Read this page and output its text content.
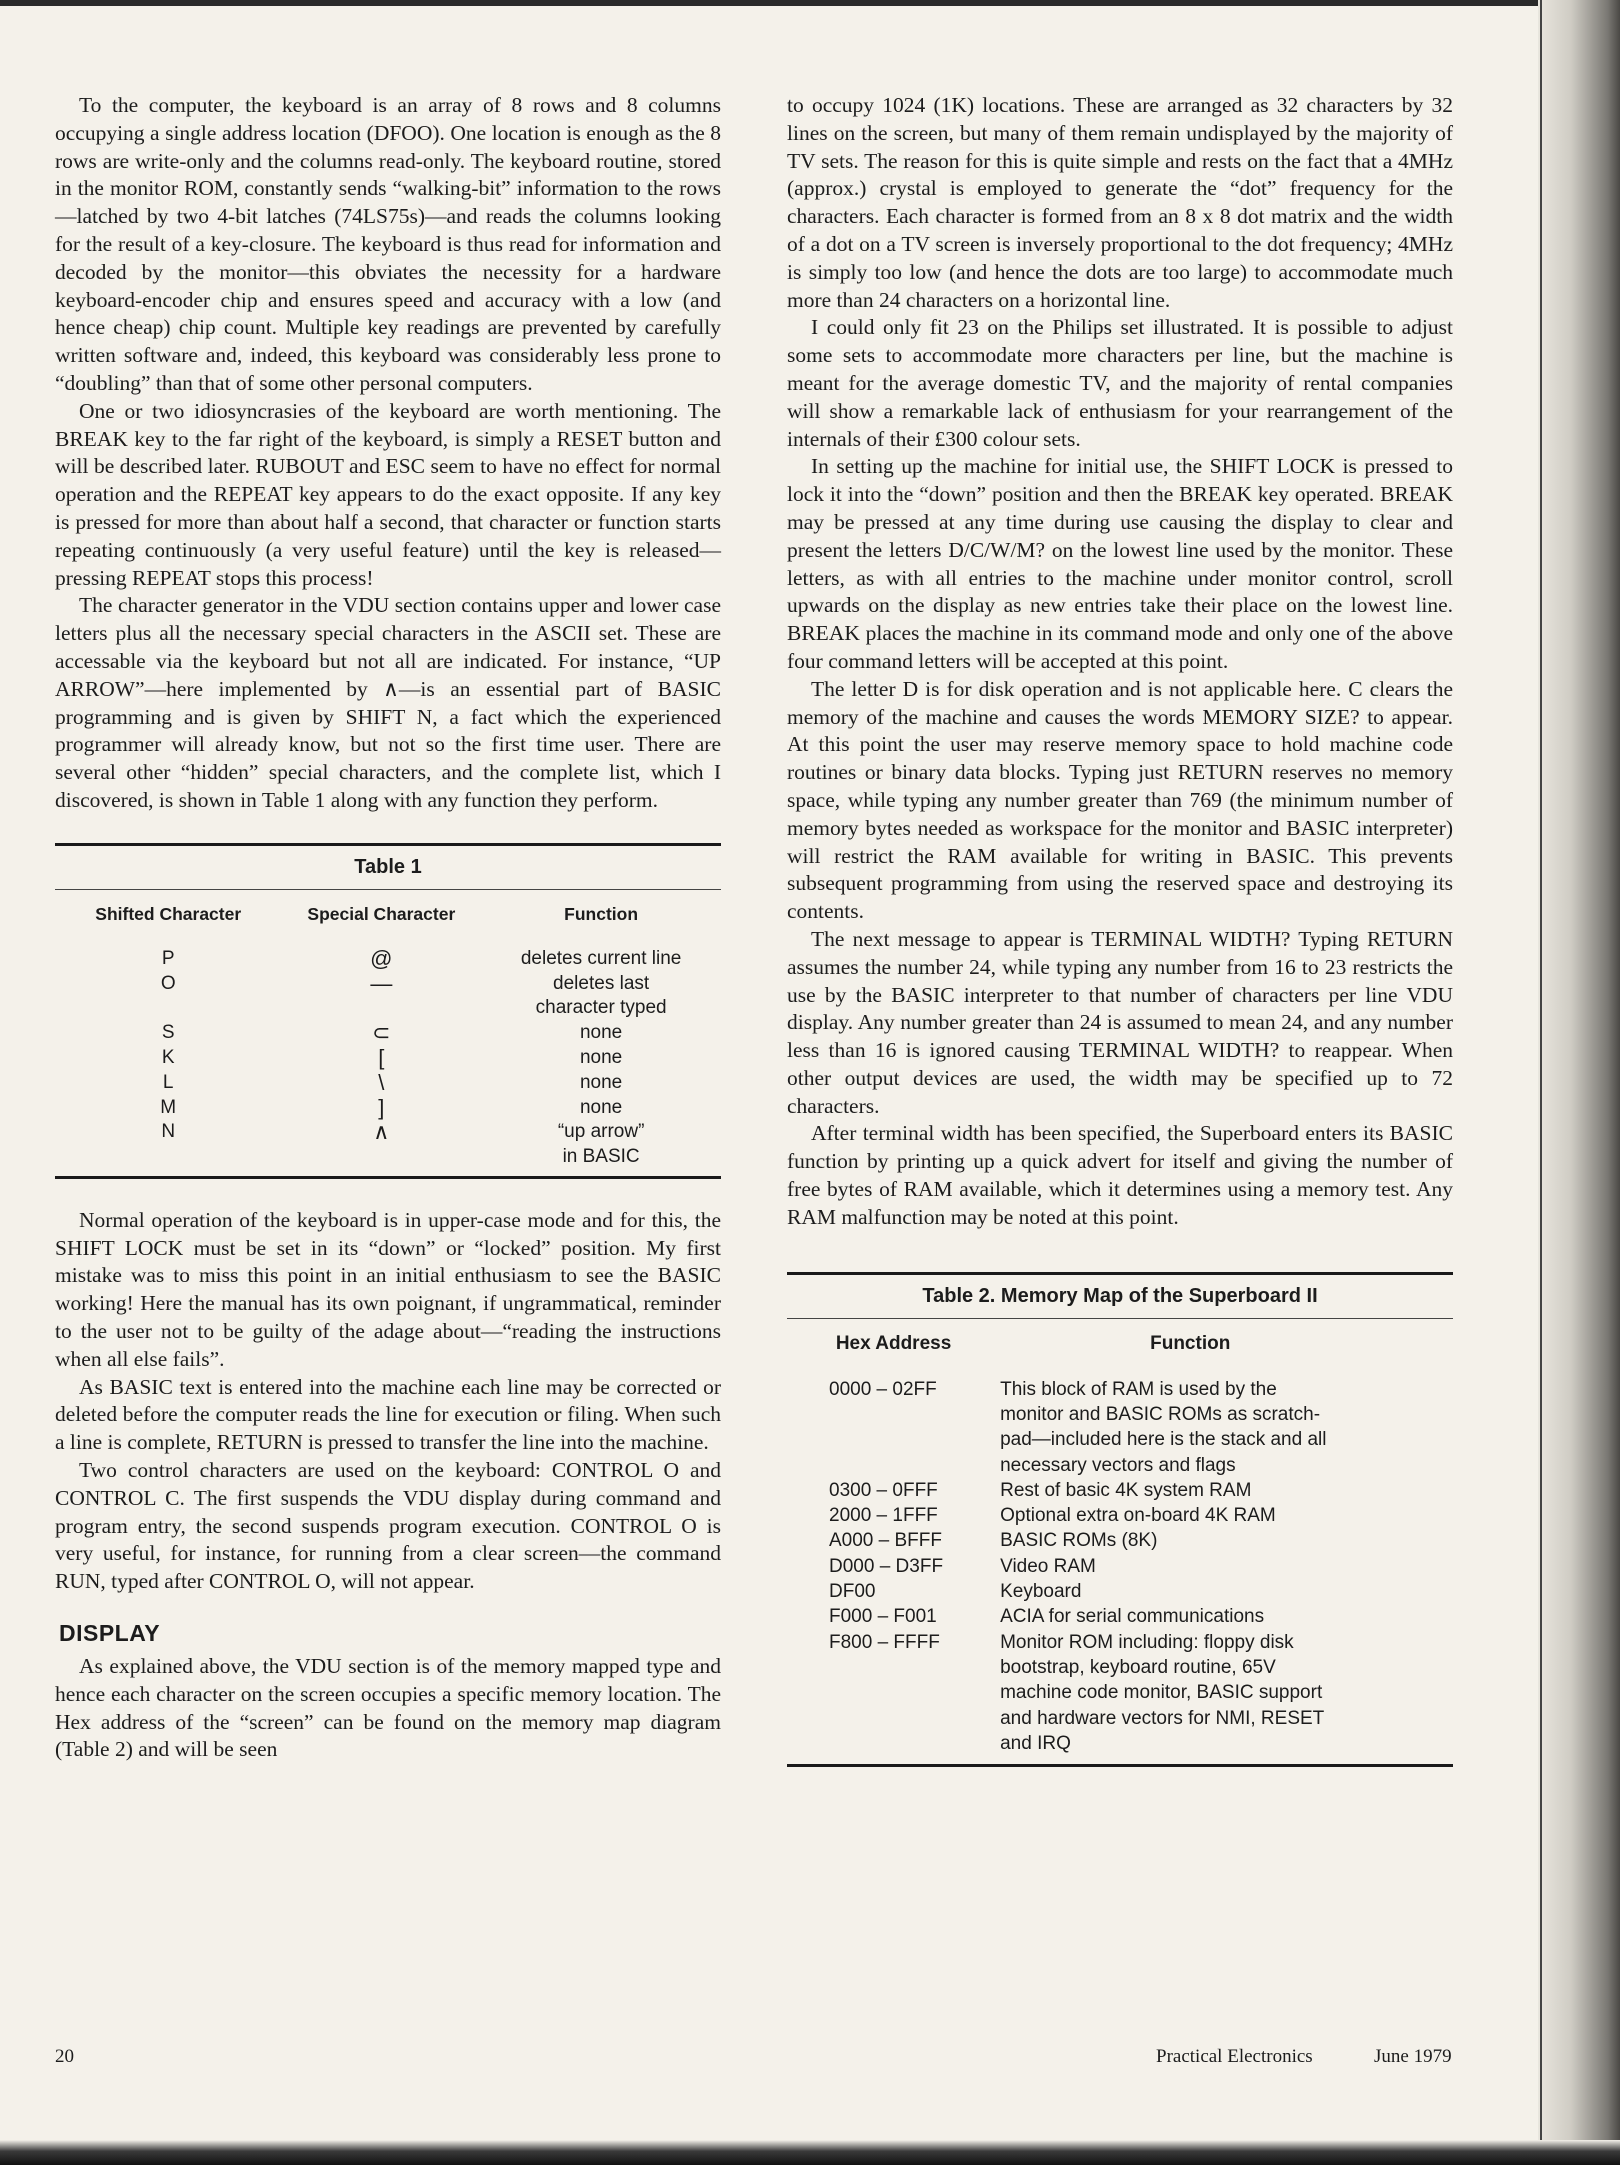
To the computer, the keyboard is an array of 8 rows and 8 columns occupying a single address location (DFOO). One location is enough as the 8 rows are write-only and the columns read-only. The keyboard routine, stored in the monitor ROM, constantly sends “walking-bit” information to the rows—latched by two 4-bit latches (74LS75s)—and reads the columns looking for the result of a key-closure. The keyboard is thus read for information and decoded by the monitor—this obviates the necessity for a hardware keyboard-encoder chip and ensures speed and accuracy with a low (and hence cheap) chip count. Multiple key readings are prevented by carefully written software and, indeed, this keyboard was considerably less prone to “doubling” than that of some other personal computers.

One or two idiosyncrasies of the keyboard are worth mentioning. The BREAK key to the far right of the keyboard, is simply a RESET button and will be described later. RUBOUT and ESC seem to have no effect for normal operation and the REPEAT key appears to do the exact opposite. If any key is pressed for more than about half a second, that character or function starts repeating continuously (a very useful feature) until the key is released—pressing REPEAT stops this process!

The character generator in the VDU section contains upper and lower case letters plus all the necessary special characters in the ASCII set. These are accessable via the keyboard but not all are indicated. For instance, “UP ARROW”—here implemented by ∧—is an essential part of BASIC programming and is given by SHIFT N, a fact which the experienced programmer will already know, but not so the first time user. There are several other “hidden” special characters, and the complete list, which I discovered, is shown in Table 1 along with any function they perform.

Table 1
Shifted Character	Special Character	Function
P	@	deletes current line
O	—	deletes last
		character typed
S	⊂	none
K	[	none
L	\	none
M	]	none
N	∧	“up arrow”
		in BASIC

Normal operation of the keyboard is in upper-case mode and for this, the SHIFT LOCK must be set in its “down” or “locked” position. My first mistake was to miss this point in an initial enthusiasm to see the BASIC working! Here the manual has its own poignant, if ungrammatical, reminder to the user not to be guilty of the adage about—“reading the instructions when all else fails”.

As BASIC text is entered into the machine each line may be corrected or deleted before the computer reads the line for execution or filing. When such a line is complete, RETURN is pressed to transfer the line into the machine.

Two control characters are used on the keyboard: CONTROL O and CONTROL C. The first suspends the VDU display during command and program entry, the second suspends program execution. CONTROL O is very useful, for instance, for running from a clear screen—the command RUN, typed after CONTROL O, will not appear.

DISPLAY

As explained above, the VDU section is of the memory mapped type and hence each character on the screen occupies a specific memory location. The Hex address of the “screen” can be found on the memory map diagram (Table 2) and will be seen

to occupy 1024 (1K) locations. These are arranged as 32 characters by 32 lines on the screen, but many of them remain undisplayed by the majority of TV sets. The reason for this is quite simple and rests on the fact that a 4MHz (approx.) crystal is employed to generate the “dot” frequency for the characters. Each character is formed from an 8 x 8 dot matrix and the width of a dot on a TV screen is inversely proportional to the dot frequency; 4MHz is simply too low (and hence the dots are too large) to accommodate much more than 24 characters on a horizontal line.

I could only fit 23 on the Philips set illustrated. It is possible to adjust some sets to accommodate more characters per line, but the machine is meant for the average domestic TV, and the majority of rental companies will show a remarkable lack of enthusiasm for your rearrangement of the internals of their £300 colour sets.

In setting up the machine for initial use, the SHIFT LOCK is pressed to lock it into the “down” position and then the BREAK key operated. BREAK may be pressed at any time during use causing the display to clear and present the letters D/C/W/M? on the lowest line used by the monitor. These letters, as with all entries to the machine under monitor control, scroll upwards on the display as new entries take their place on the lowest line. BREAK places the machine in its command mode and only one of the above four command letters will be accepted at this point.

The letter D is for disk operation and is not applicable here. C clears the memory of the machine and causes the words MEMORY SIZE? to appear. At this point the user may reserve memory space to hold machine code routines or binary data blocks. Typing just RETURN reserves no memory space, while typing any number greater than 769 (the minimum number of memory bytes needed as workspace for the monitor and BASIC interpreter) will restrict the RAM available for writing in BASIC. This prevents subsequent programming from using the reserved space and destroying its contents.

The next message to appear is TERMINAL WIDTH? Typing RETURN assumes the number 24, while typing any number from 16 to 23 restricts the use by the BASIC interpreter to that number of characters per line VDU display. Any number greater than 24 is assumed to mean 24, and any number less than 16 is ignored causing TERMINAL WIDTH? to reappear. When other output devices are used, the width may be specified up to 72 characters.

After terminal width has been specified, the Superboard enters its BASIC function by printing up a quick advert for itself and giving the number of free bytes of RAM available, which it determines using a memory test. Any RAM malfunction may be noted at this point.

Table 2. Memory Map of the Superboard II
Hex Address	Function
0000 – 02FF	This block of RAM is used by the
	monitor and BASIC ROMs as scratch-
	pad—included here is the stack and all
	necessary vectors and flags
0300 – 0FFF	Rest of basic 4K system RAM
2000 – 1FFF	Optional extra on-board 4K RAM
A000 – BFFF	BASIC ROMs (8K)
D000 – D3FF	Video RAM
DF00	Keyboard
F000 – F001	ACIA for serial communications
F800 – FFFF	Monitor ROM including: floppy disk
	bootstrap, keyboard routine, 65V
	machine code monitor, BASIC support
	and hardware vectors for NMI, RESET
	and IRQ
20	Practical Electronics	June 1979
